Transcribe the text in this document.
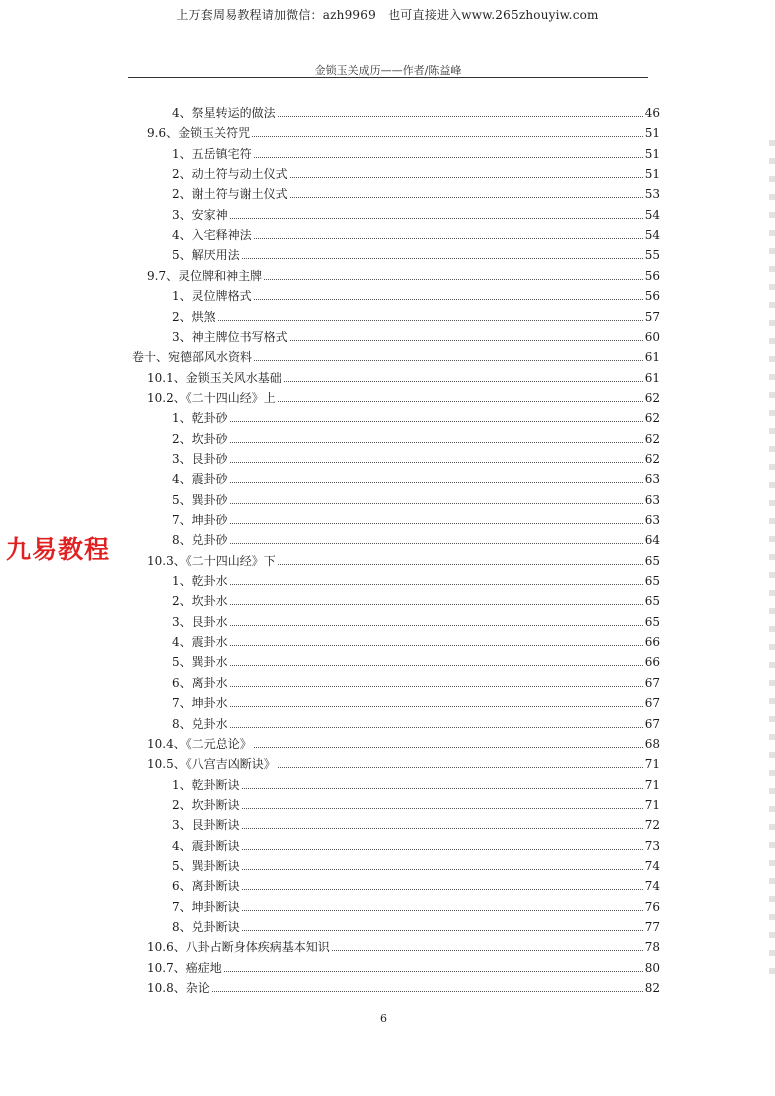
上万套周易教程请加微信：azh9969　也可直接进入www.265zhouyiw.com
金锁玉关成历——作者/陈益峰
九易教程
4、祭星转运的做法	46
9.6、金锁玉关符咒	51
1、五岳镇宅符	51
2、动土符与动土仪式	51
2、谢土符与谢土仪式	53
3、安家神	54
4、入宅释神法	54
5、解厌用法	55
9.7、灵位牌和神主牌	56
1、灵位牌格式	56
2、烘煞	57
3、神主牌位书写格式	60
卷十、宛德部风水资料	61
10.1、金锁玉关风水基础	61
10.2、《二十四山经》上	62
1、乾卦砂	62
2、坎卦砂	62
3、艮卦砂	62
4、震卦砂	63
5、巽卦砂	63
7、坤卦砂	63
8、兑卦砂	64
10.3、《二十四山经》下	65
1、乾卦水	65
2、坎卦水	65
3、艮卦水	65
4、震卦水	66
5、巽卦水	66
6、离卦水	67
7、坤卦水	67
8、兑卦水	67
10.4、《二元总论》	68
10.5、《八宫吉凶断诀》	71
1、乾卦断诀	71
2、坎卦断诀	71
3、艮卦断诀	72
4、震卦断诀	73
5、巽卦断诀	74
6、离卦断诀	74
7、坤卦断诀	76
8、兑卦断诀	77
10.6、八卦占断身体疾病基本知识	78
10.7、癌症地	80
10.8、杂论	82
6
